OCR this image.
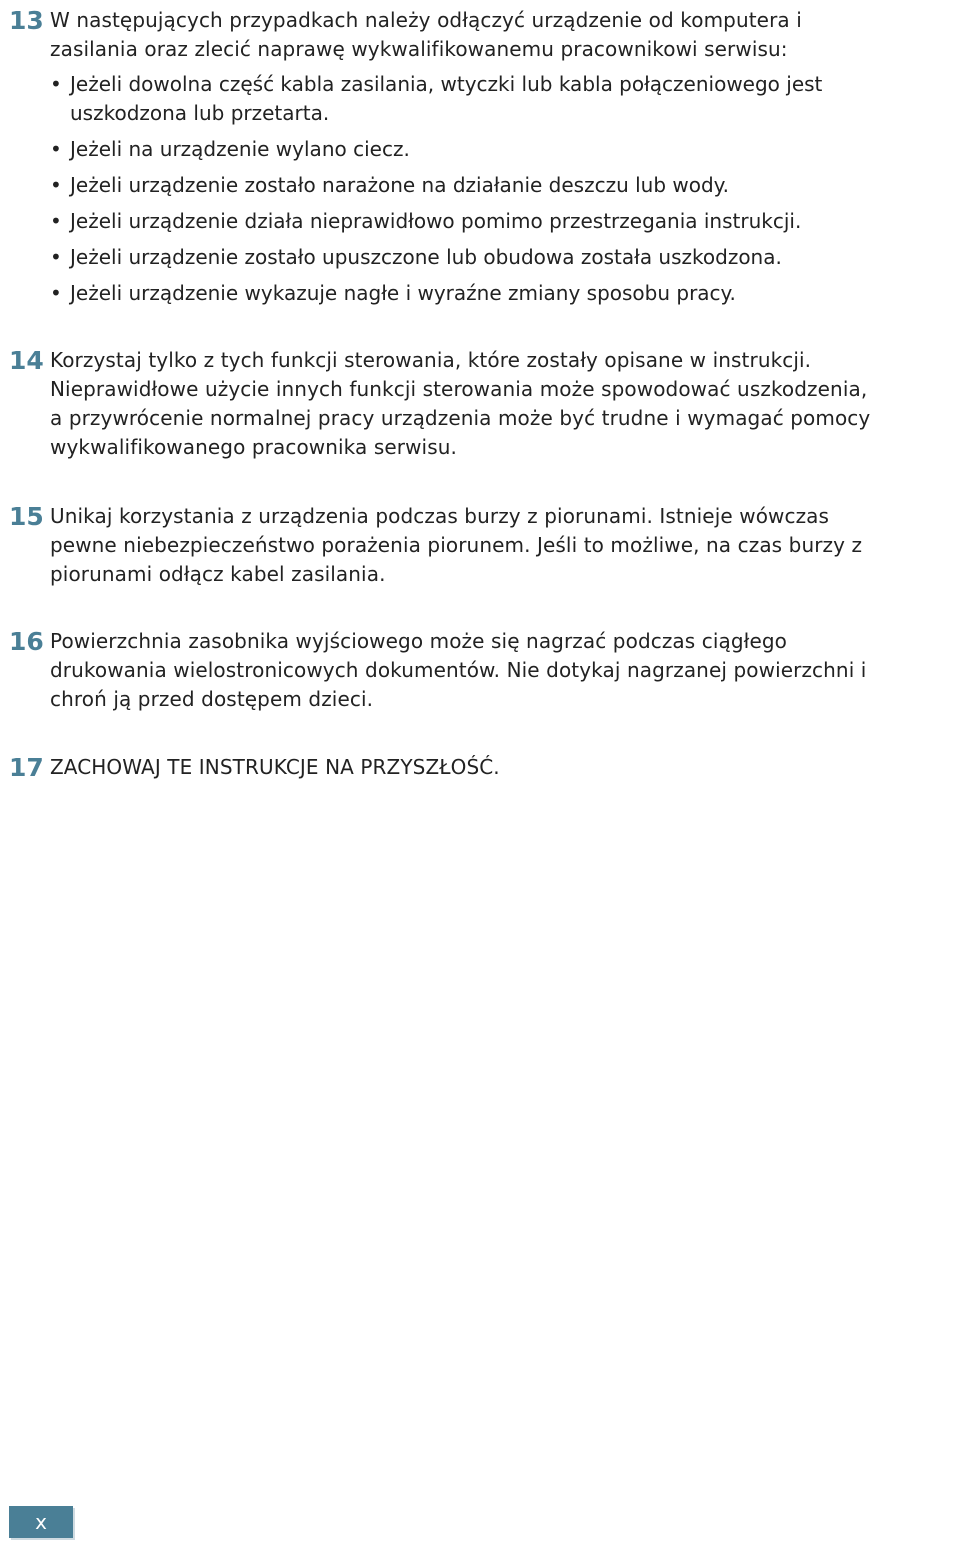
13 W następujących przypadkach należy odłączyć urządzenie od komputera i
zasilania oraz zlecić naprawę wykwalifikowanemu pracownikowi serwisu:
• Jeżeli dowolna część kabla zasilania, wtyczki lub kabla połączeniowego jest
uszkodzona lub przetarta.
• Jeżeli na urządzenie wylano ciecz.
• Jeżeli urządzenie zostało narażone na działanie deszczu lub wody.
• Jeżeli urządzenie działa nieprawidłowo pomimo przestrzegania instrukcji.
• Jeżeli urządzenie zostało upuszczone lub obudowa została uszkodzona.
• Jeżeli urządzenie wykazuje nagłe i wyraźne zmiany sposobu pracy.
14 Korzystaj tylko z tych funkcji sterowania, które zostały opisane w instrukcji.
Nieprawidłowe użycie innych funkcji sterowania może spowodować uszkodzenia,
a przywrócenie normalnej pracy urządzenia może być trudne i wymagać pomocy
wykwalifikowanego pracownika serwisu.
15 Unikaj korzystania z urządzenia podczas burzy z piorunami. Istnieje wówczas
pewne niebezpieczeństwo porażenia piorunem. Jeśli to możliwe, na czas burzy z
piorunami odłącz kabel zasilania.
16 Powierzchnia zasobnika wyjściowego może się nagrzać podczas ciągłego
drukowania wielostronicowych dokumentów. Nie dotykaj nagrzanej powierzchni i
chroń ją przed dostępem dzieci.
17 ZACHOWAJ TE INSTRUKCJE NA PRZYSZŁOŚĆ.
x
